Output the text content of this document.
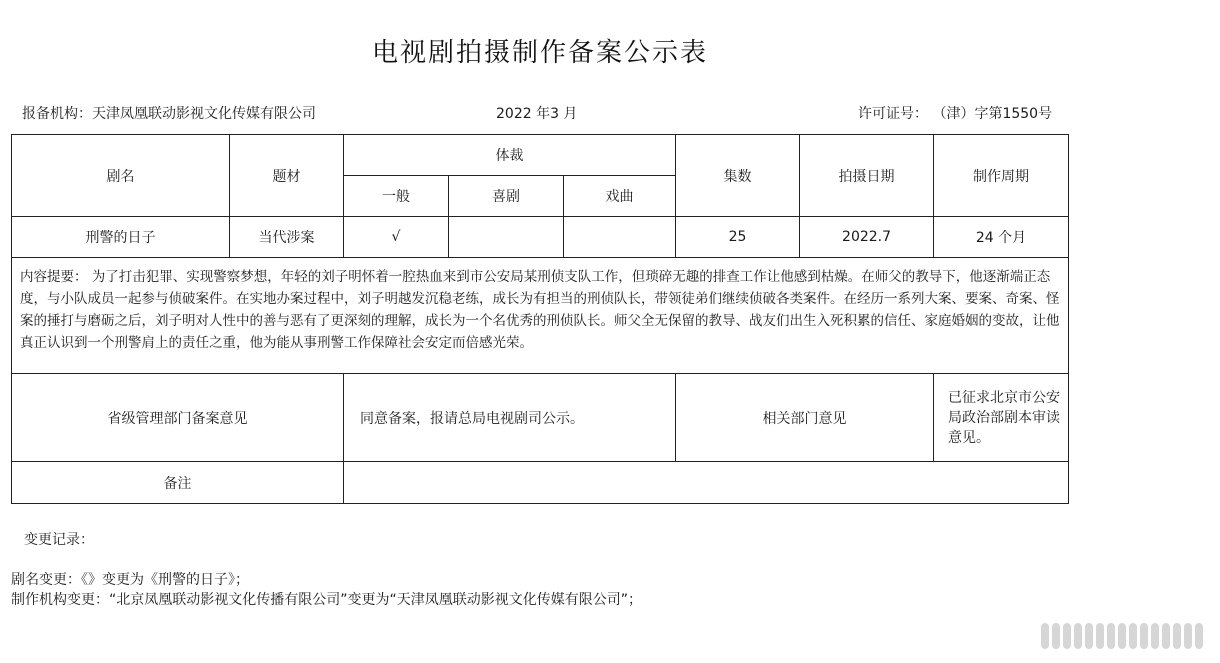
电视剧拍摄制作备案公示表
报备机构：天津凤凰联动影视文化传媒有限公司	2022 年3 月	许可证号： （津）字第1550号
剧名	题材	体裁			集数	拍摄日期	制作周期
		一般	喜剧	戏曲			
刑警的日子	当代涉案	√			25	2022.7	24 个月
内容提要： 为了打击犯罪、实现警察梦想，年轻的刘子明怀着一腔热血来到市公安局某刑侦支队工作，但琐碎无趣的排查工作让他感到枯燥。在师父的教导下，他逐渐端正态度，与小队成员一起参与侦破案件。在实地办案过程中，刘子明越发沉稳老练，成长为有担当的刑侦队长，带领徒弟们继续侦破各类案件。在经历一系列大案、要案、奇案、怪案的捶打与磨砺之后，刘子明对人性中的善与恶有了更深刻的理解，成长为一个名优秀的刑侦队长。师父全无保留的教导、战友们出生入死积累的信任、家庭婚姻的变故，让他真正认识到一个刑警肩上的责任之重，他为能从事刑警工作保障社会安定而倍感光荣。							
省级管理部门备案意见		同意备案，报请总局电视剧司公示。			相关部门意见		已征求北京市公安局政治部剧本审读意见。
备注							
变更记录：
剧名变更：《》变更为《刑警的日子》；
制作机构变更：“北京凤凰联动影视文化传播有限公司”变更为“天津凤凰联动影视文化传媒有限公司”；
